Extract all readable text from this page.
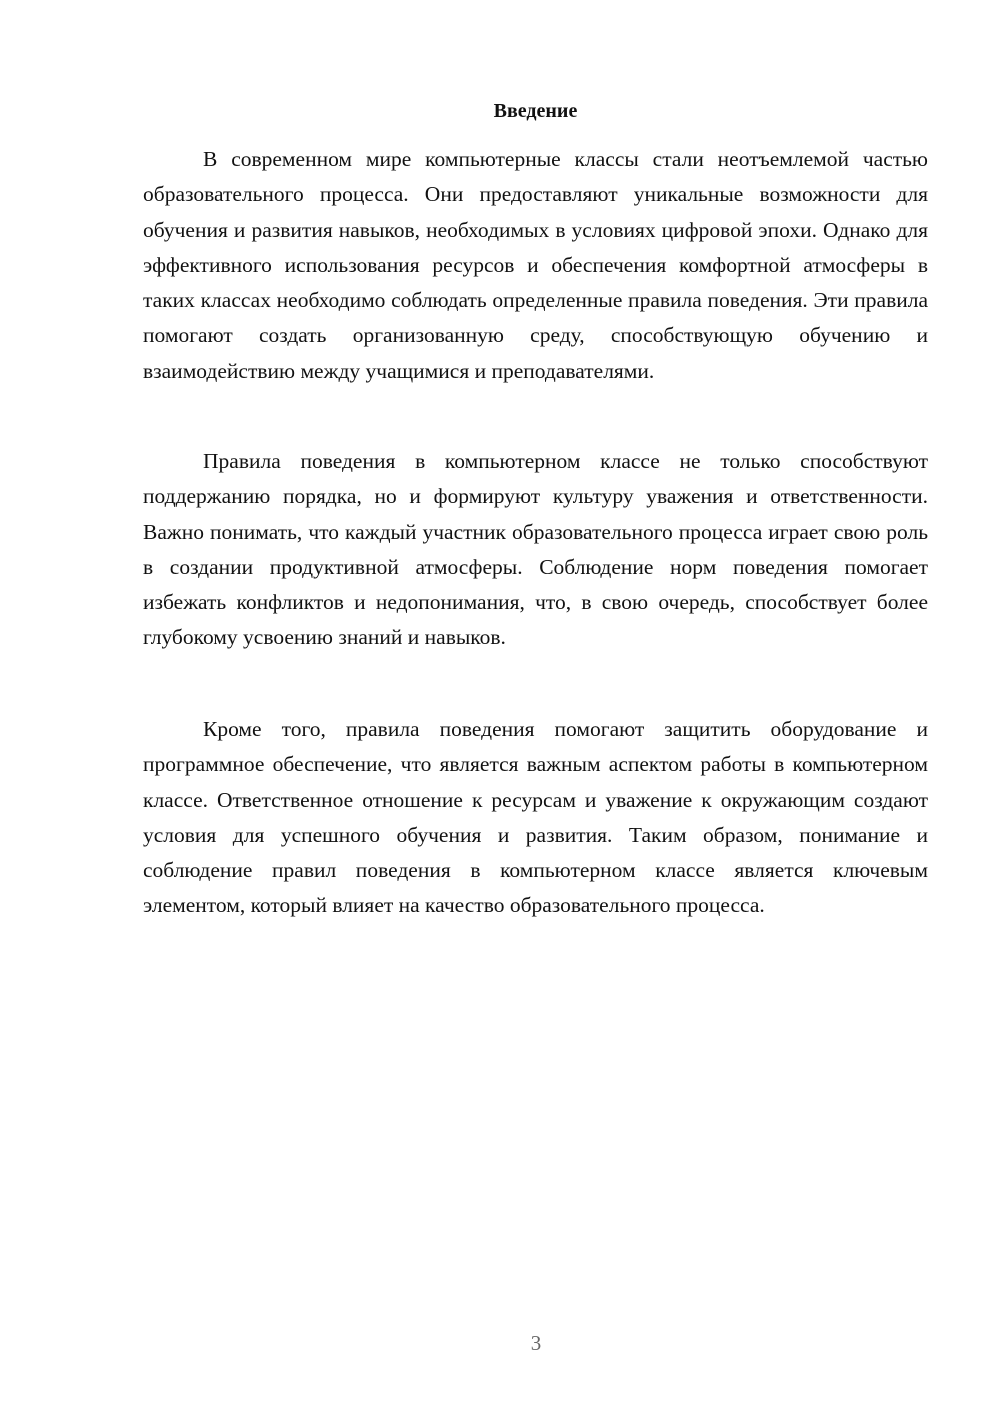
Введение

В современном мире компьютерные классы стали неотъемлемой частью образовательного процесса. Они предоставляют уникальные возможности для обучения и развития навыков, необходимых в условиях цифровой эпохи. Однако для эффективного использования ресурсов и обеспечения комфортной атмосферы в таких классах необходимо соблюдать определенные правила поведения. Эти правила помогают создать организованную среду, способствующую обучению и взаимодействию между учащимися и преподавателями.

Правила поведения в компьютерном классе не только способствуют поддержанию порядка, но и формируют культуру уважения и ответственности. Важно понимать, что каждый участник образовательного процесса играет свою роль в создании продуктивной атмосферы. Соблюдение норм поведения помогает избежать конфликтов и недопонимания, что, в свою очередь, способствует более глубокому усвоению знаний и навыков.

Кроме того, правила поведения помогают защитить оборудование и программное обеспечение, что является важным аспектом работы в компьютерном классе. Ответственное отношение к ресурсам и уважение к окружающим создают условия для успешного обучения и развития. Таким образом, понимание и соблюдение правил поведения в компьютерном классе является ключевым элементом, который влияет на качество образовательного процесса.

3
